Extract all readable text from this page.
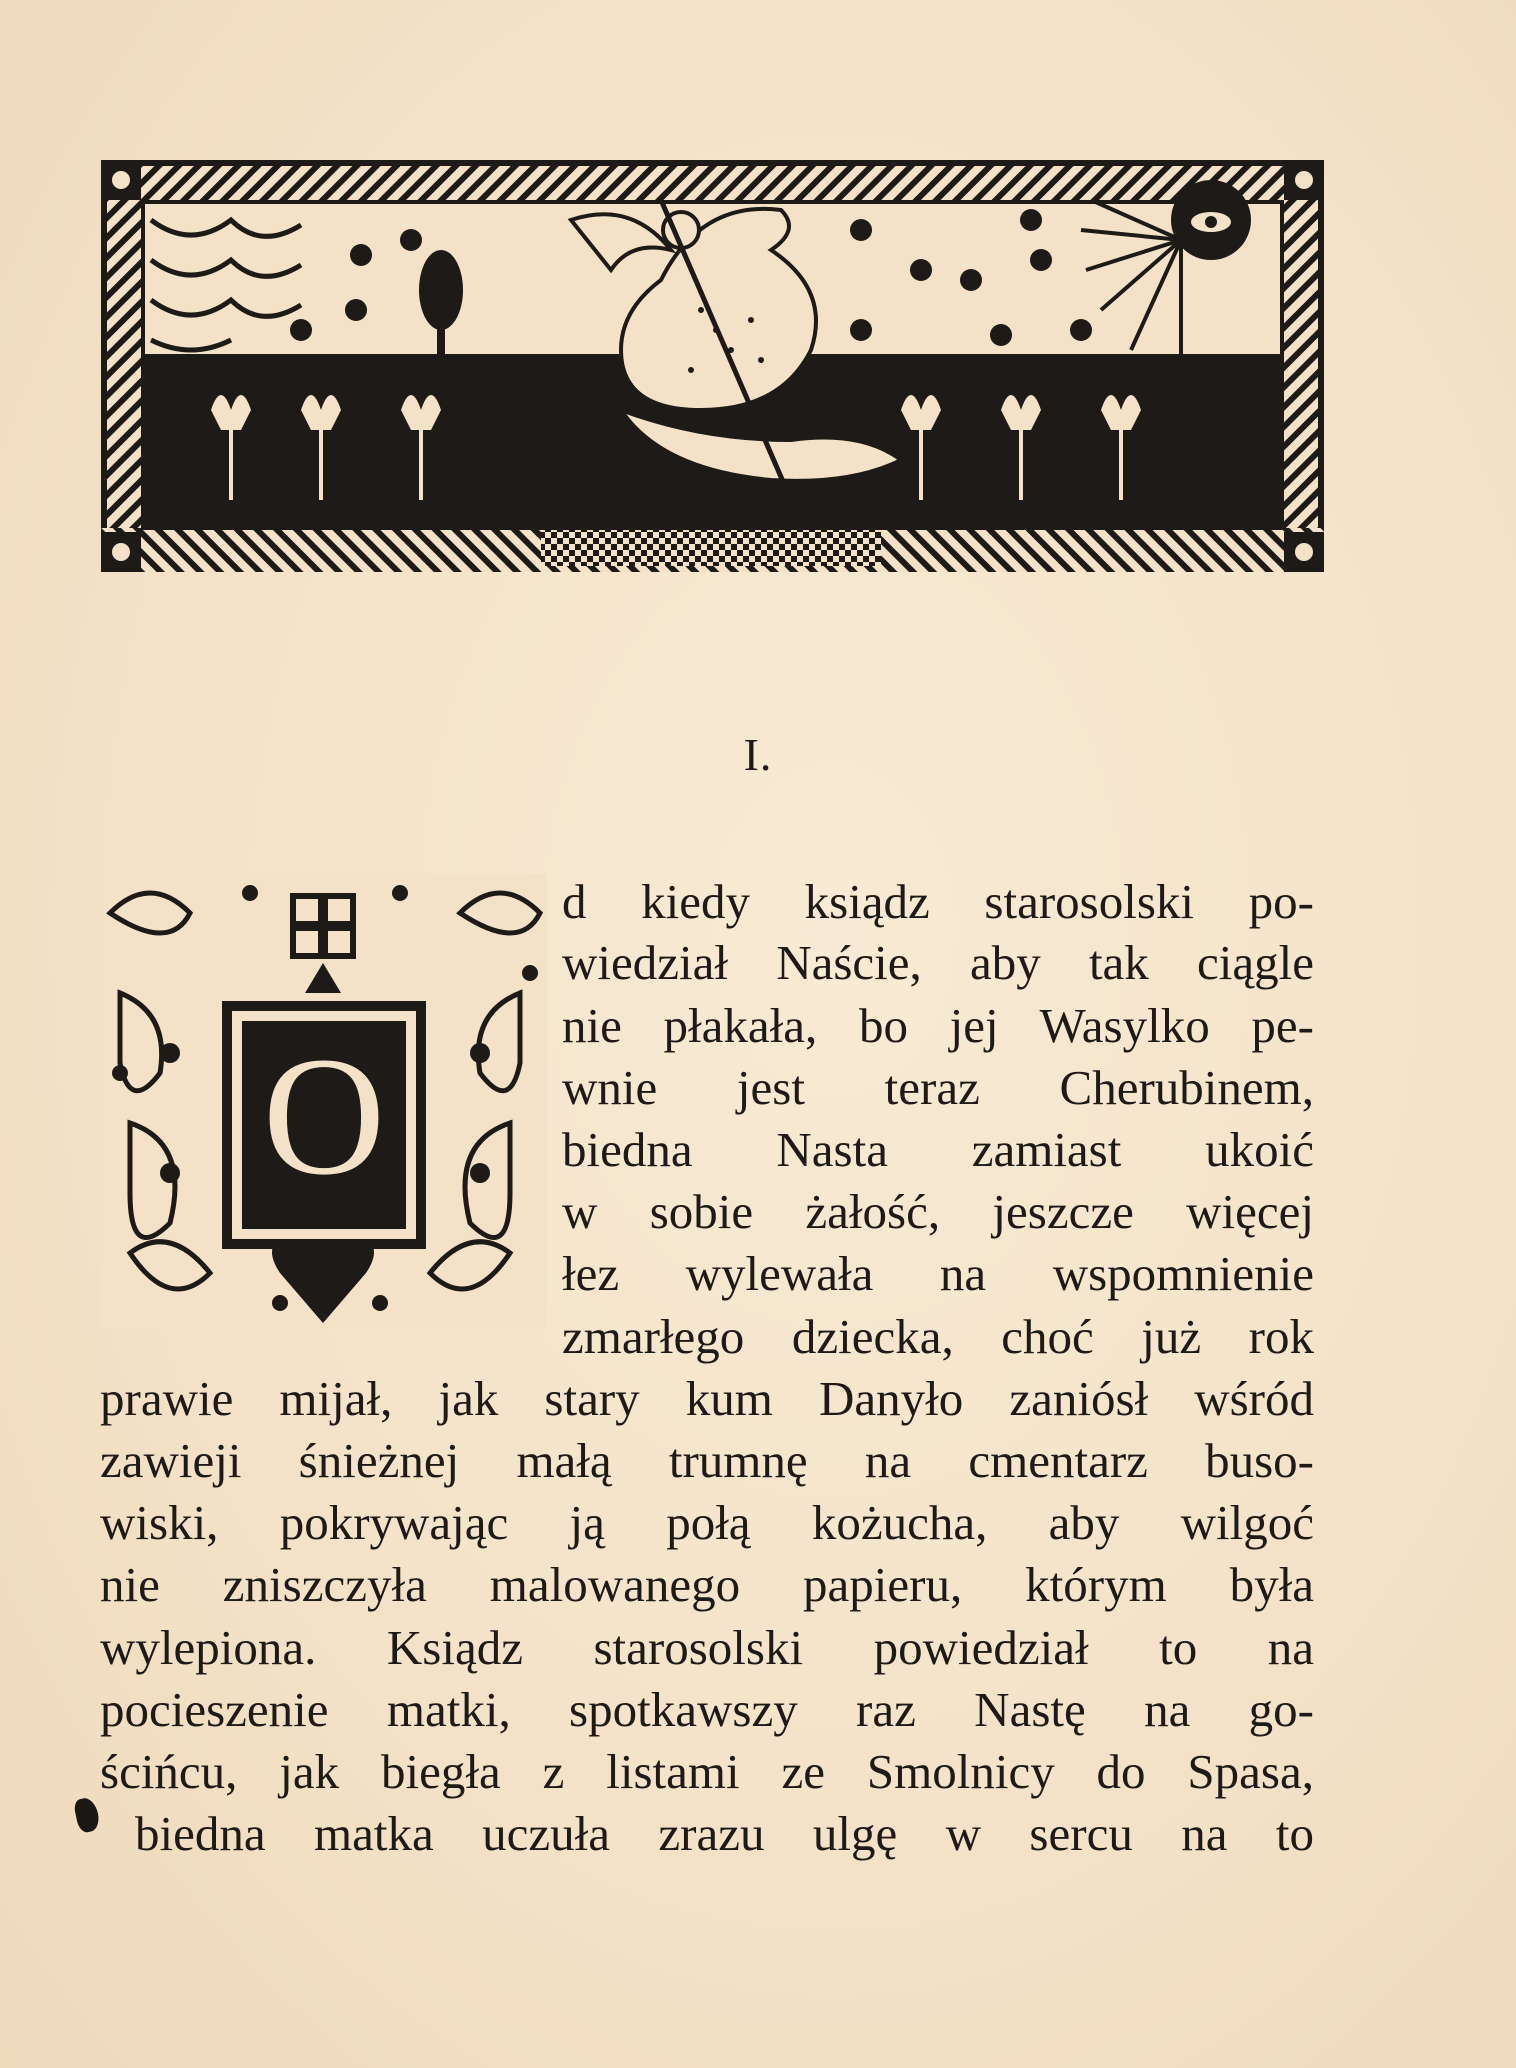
I.
O
d kiedy ksiądz starosolski po-
wiedział Naście, aby tak ciągle
nie płakała, bo jej Wasylko pe-
wnie jest teraz Cherubinem,
biedna Nasta zamiast ukoić
w sobie żałość, jeszcze więcej
łez wylewała na wspomnienie
zmarłego dziecka, choć już rok
prawie mijał, jak stary kum Danyło zaniósł wśród
zawieji śnieżnej małą trumnę na cmentarz buso-
wiski, pokrywając ją połą kożucha, aby wilgoć
nie zniszczyła malowanego papieru, którym była
wylepiona. Ksiądz starosolski powiedział to na
pocieszenie matki, spotkawszy raz Nastę na go-
ścińcu, jak biegła z listami ze Smolnicy do Spasa,
biedna matka uczuła zrazu ulgę w sercu na to
